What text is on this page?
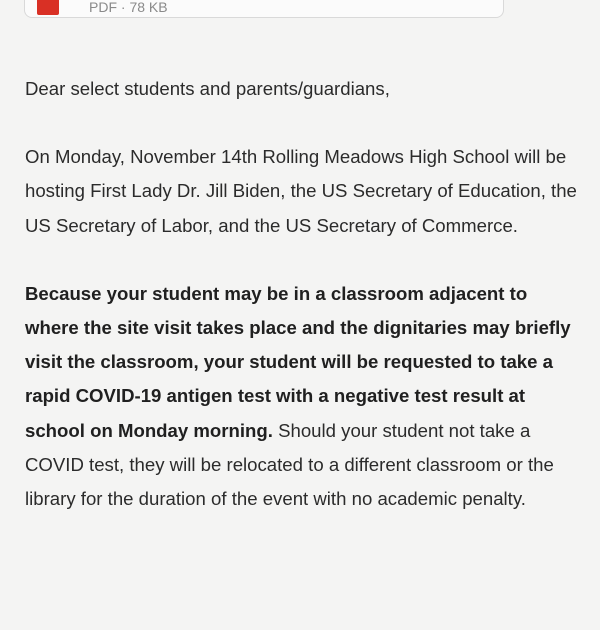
PDF · 78 KB

Dear select students and parents/guardians,

On Monday, November 14th Rolling Meadows High School will be hosting First Lady Dr. Jill Biden, the US Secretary of Education, the US Secretary of Labor, and the US Secretary of Commerce.

Because your student may be in a classroom adjacent to where the site visit takes place and the dignitaries may briefly visit the classroom, your student will be requested to take a rapid COVID-19 antigen test with a negative test result at school on Monday morning. Should your student not take a COVID test, they will be relocated to a different classroom or the library for the duration of the event with no academic penalty.
